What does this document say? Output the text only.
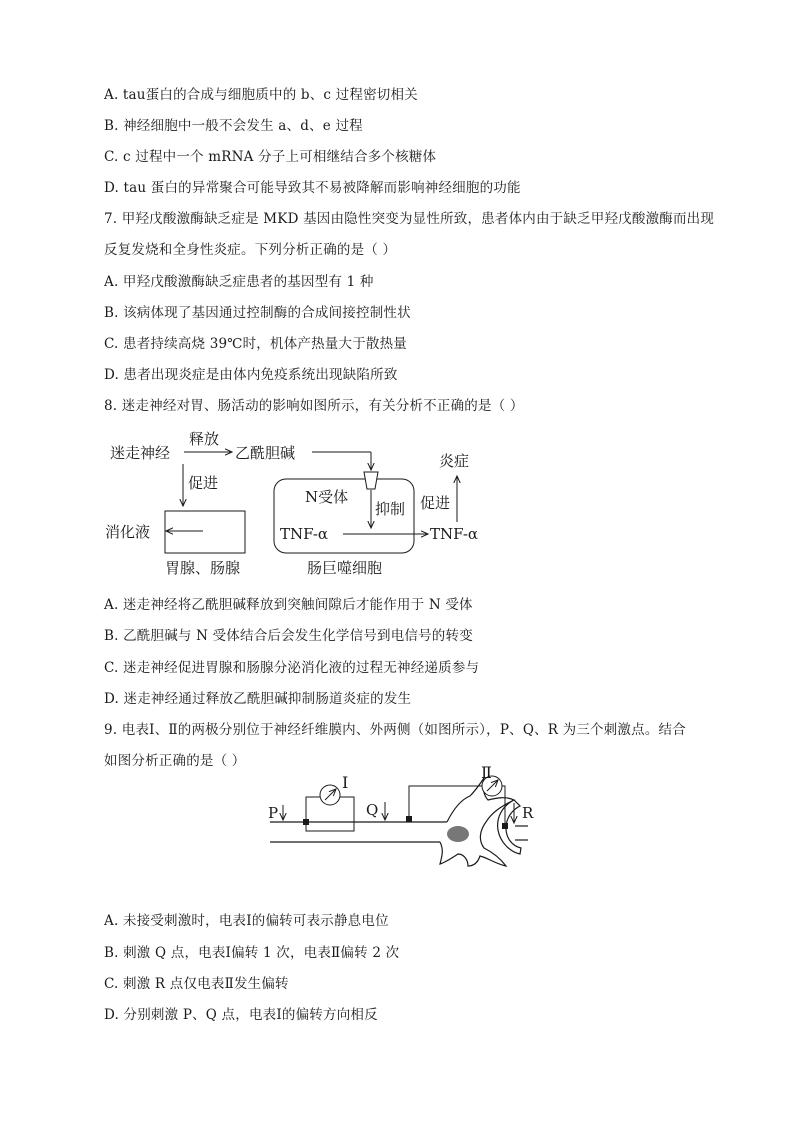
A. tau蛋白的合成与细胞质中的 b、c 过程密切相关
B. 神经细胞中一般不会发生 a、d、e 过程
C. c 过程中一个 mRNA 分子上可相继结合多个核糖体
D. tau 蛋白的异常聚合可能导致其不易被降解而影响神经细胞的功能
7. 甲羟戊酸激酶缺乏症是 MKD 基因由隐性突变为显性所致，患者体内由于缺乏甲羟戊酸激酶而出现
反复发烧和全身性炎症。下列分析正确的是（ ）
A. 甲羟戊酸激酶缺乏症患者的基因型有 1 种
B. 该病体现了基因通过控制酶的合成间接控制性状
C. 患者持续高烧 39℃时，机体产热量大于散热量
D. 患者出现炎症是由体内免疫系统出现缺陷所致
8. 迷走神经对胃、肠活动的影响如图所示，有关分析不正确的是（ ）
迷走神经
释放
乙酰胆碱
促进
消化液
胃腺、肠腺
N受体
抑制
TNF-α	TNF-α
肠巨噬细胞
促进
炎症
A. 迷走神经将乙酰胆碱释放到突触间隙后才能作用于 N 受体
B. 乙酰胆碱与 N 受体结合后会发生化学信号到电信号的转变
C. 迷走神经促进胃腺和肠腺分泌消化液的过程无神经递质参与
D. 迷走神经通过释放乙酰胆碱抑制肠道炎症的发生
9. 电表Ⅰ、Ⅱ的两极分别位于神经纤维膜内、外两侧（如图所示），P、Q、R 为三个刺激点。结合
如图分析正确的是（ ）
I
Ⅱ
P	Q	R
A. 未接受刺激时，电表Ⅰ的偏转可表示静息电位
B. 刺激 Q 点，电表Ⅰ偏转 1 次，电表Ⅱ偏转 2 次
C. 刺激 R 点仅电表Ⅱ发生偏转
D. 分别刺激 P、Q 点，电表Ⅰ的偏转方向相反
